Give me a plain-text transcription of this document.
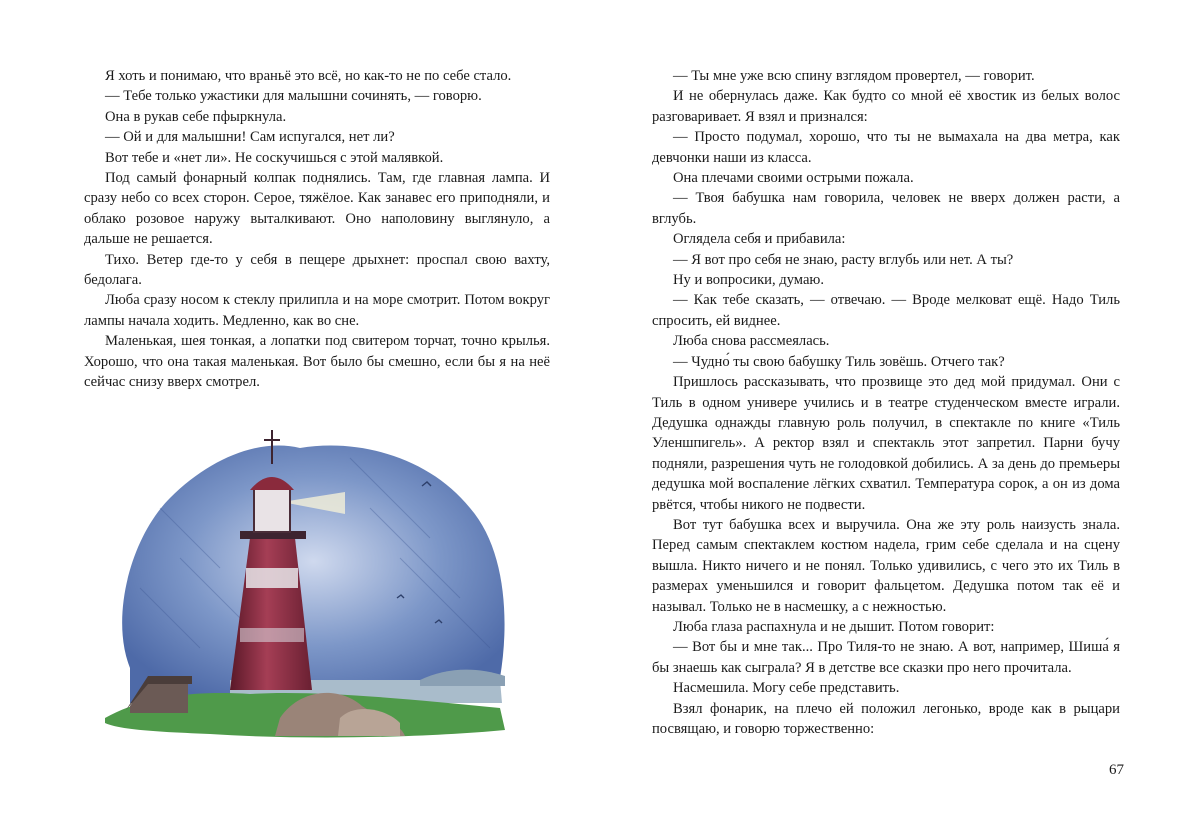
Я хоть и понимаю, что враньё это всё, но как-то не по себе стало.

— Тебе только ужастики для малышни сочинять, — говорю.

Она в рукав себе пфыркнула.

— Ой и для малышни! Сам испугался, нет ли?

Вот тебе и «нет ли». Не соскучишься с этой малявкой.

Под самый фонарный колпак поднялись. Там, где главная лампа. И сразу небо со всех сторон. Серое, тяжёлое. Как занавес его приподняли, и облако розовое наружу выталкивают. Оно наполовину выглянуло, а дальше не решается.

Тихо. Ветер где-то у себя в пещере дрыхнет: проспал свою вахту, бедолага.

Люба сразу носом к стеклу прилипла и на море смотрит. Потом вокруг лампы начала ходить. Медленно, как во сне.

Маленькая, шея тонкая, а лопатки под свитером торчат, точно крылья. Хорошо, что она такая маленькая. Вот было бы смешно, если бы я на неё сейчас снизу вверх смотрел.

— Ты мне уже всю спину взглядом провертел, — говорит.

И не обернулась даже. Как будто со мной её хвостик из белых волос разговаривает. Я взял и признался:

— Просто подумал, хорошо, что ты не вымахала на два метра, как девчонки наши из класса.

Она плечами своими острыми пожала.

— Твоя бабушка нам говорила, человек не вверх должен расти, а вглубь.

Оглядела себя и прибавила:

— Я вот про себя не знаю, расту вглубь или нет. А ты?

Ну и вопросики, думаю.

— Как тебе сказать, — отвечаю. — Вроде мелковат ещё. Надо Тиль спросить, ей виднее.

Люба снова рассмеялась.

— Чудно́ ты свою бабушку Тиль зовёшь. Отчего так?

Пришлось рассказывать, что прозвище это дед мой придумал. Они с Тиль в одном универе учились и в театре студенческом вместе играли. Дедушка однажды главную роль получил, в спектакле по книге «Тиль Уленшпигель». А ректор взял и спектакль этот запретил. Парни бучу подняли, разрешения чуть не голодовкой добились. А за день до премьеры дедушка мой воспаление лёгких схватил. Температура сорок, а он из дома рвётся, чтобы никого не подвести.

Вот тут бабушка всех и выручила. Она же эту роль наизусть знала. Перед самым спектаклем костюм надела, грим себе сделала и на сцену вышла. Никто ничего и не понял. Только удивились, с чего это их Тиль в размерах уменьшился и говорит фальцетом. Дедушка потом так её и называл. Только не в насмешку, а с нежностью.

Люба глаза распахнула и не дышит. Потом говорит:

— Вот бы и мне так... Про Тиля-то не знаю. А вот, например, Шиша́ я бы знаешь как сыграла? Я в детстве все сказки про него прочитала.

Насмешила. Могу себе представить.

Взял фонарик, на плечо ей положил легонько, вроде как в рыцари посвящаю, и говорю торжественно:

67
